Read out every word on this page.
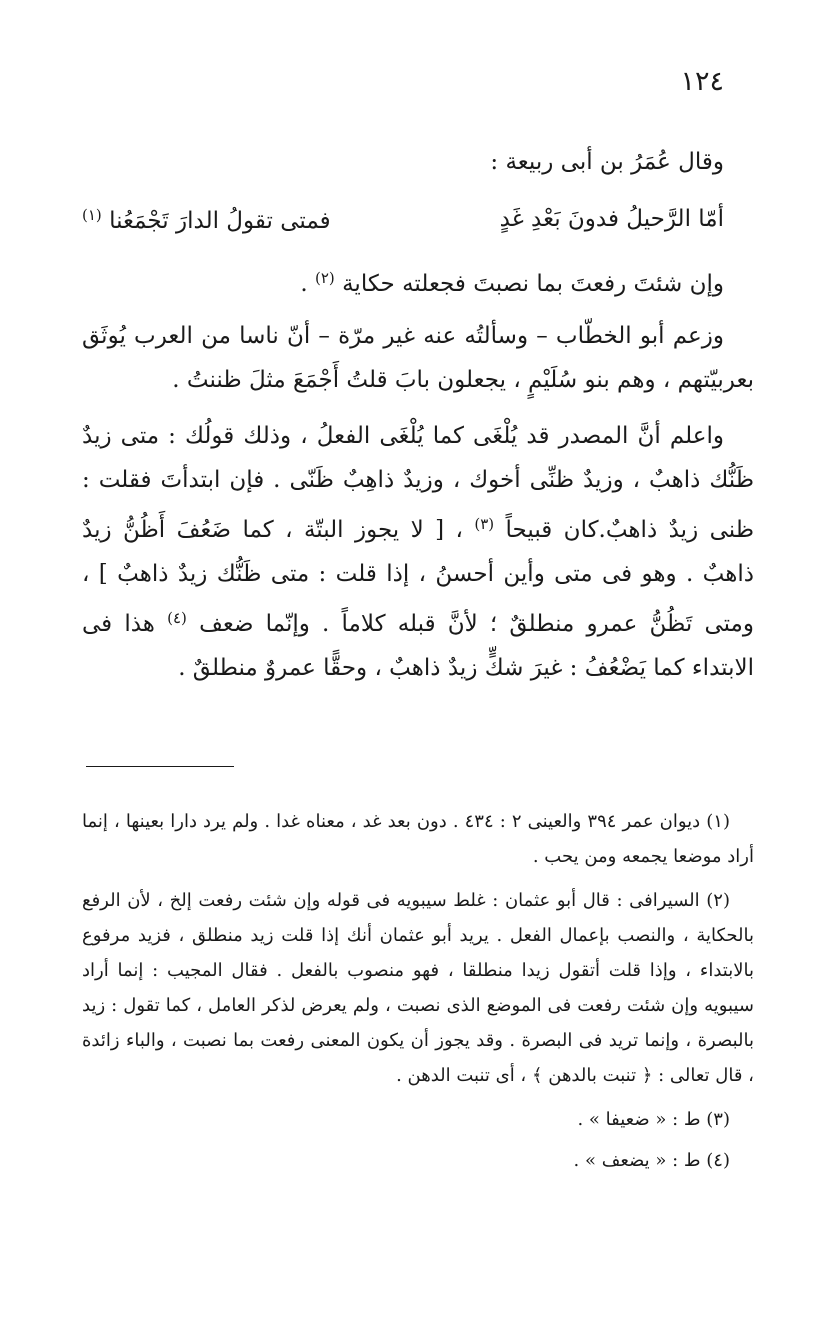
١٢٤

وقال عُمَرُ بن أبى ربيعة :

أمّا الرَّحيلُ فدونَ بَعْدِ غَدٍ
فمتى تقولُ الدارَ تَجْمَعُنا $^{(١)}$

وإن شئتَ رفعتَ بما نصبتَ فجعلته حكاية $^{(٢)}$ .

وزعم أبو الخطّاب – وسألتُه عنه غير مرّة – أنّ ناسا من العرب يُوثَق بعربيّتهم ، وهم بنو سُلَيْمٍ ، يجعلون بابَ قلتُ أَجْمَعَ مثلَ ظننتُ .

واعلم أنَّ المصدر قد يُلْغَى كما يُلْغَى الفعلُ ، وذلك قولُك : متى زيدٌ ظَنُّك ذاهبٌ ، وزيدٌ ظنِّى أخوك ، وزيدٌ ذاهِبٌ ظَنّى . فإن ابتدأتَ فقلت : ظنى زيدٌ ذاهبٌ.كان قبيحاً $^{(٣)}$ ، [ لا يجوز البتّة ، كما ضَعُفَ أَظُنُّ زيدٌ ذاهبٌ . وهو فى متى وأين أحسنُ ، إذا قلت : متى ظَنُّك زيدٌ ذاهبٌ ] ، ومتى تَظُنُّ عمرو منطلقٌ ؛ لأنَّ قبله كلاماً . وإنّما ضعف $^{(٤)}$ هذا فى الابتداء كما يَضْعُفُ : غيرَ شكٍّ زيدٌ ذاهبٌ ، وحقًّا عمروٌ منطلقٌ .

(١) ديوان عمر ٣٩٤ والعينى ٢ : ٤٣٤ . دون بعد غد ، معناه غدا . ولم يرد دارا بعينها ، إنما أراد موضعا يجمعه ومن يحب .

(٢) السيرافى : قال أبو عثمان : غلط سيبويه فى قوله وإن شئت رفعت إلخ ، لأن الرفع بالحكاية ، والنصب بإعمال الفعل . يريد أبو عثمان أنك إذا قلت زيد منطلق ، فزيد مرفوع بالابتداء ، وإذا قلت أتقول زيدا منطلقا ، فهو منصوب بالفعل . فقال المجيب : إنما أراد سيبويه وإن شئت رفعت فى الموضع الذى نصبت ، ولم يعرض لذكر العامل ، كما تقول : زيد بالبصرة ، وإنما تريد فى البصرة . وقد يجوز أن يكون المعنى رفعت بما نصبت ، والباء زائدة ، قال تعالى : ﴿ تنبت بالدهن ﴾ ، أى تنبت الدهن .

(٣) ط : « ضعيفا » .

(٤) ط : « يضعف » .
